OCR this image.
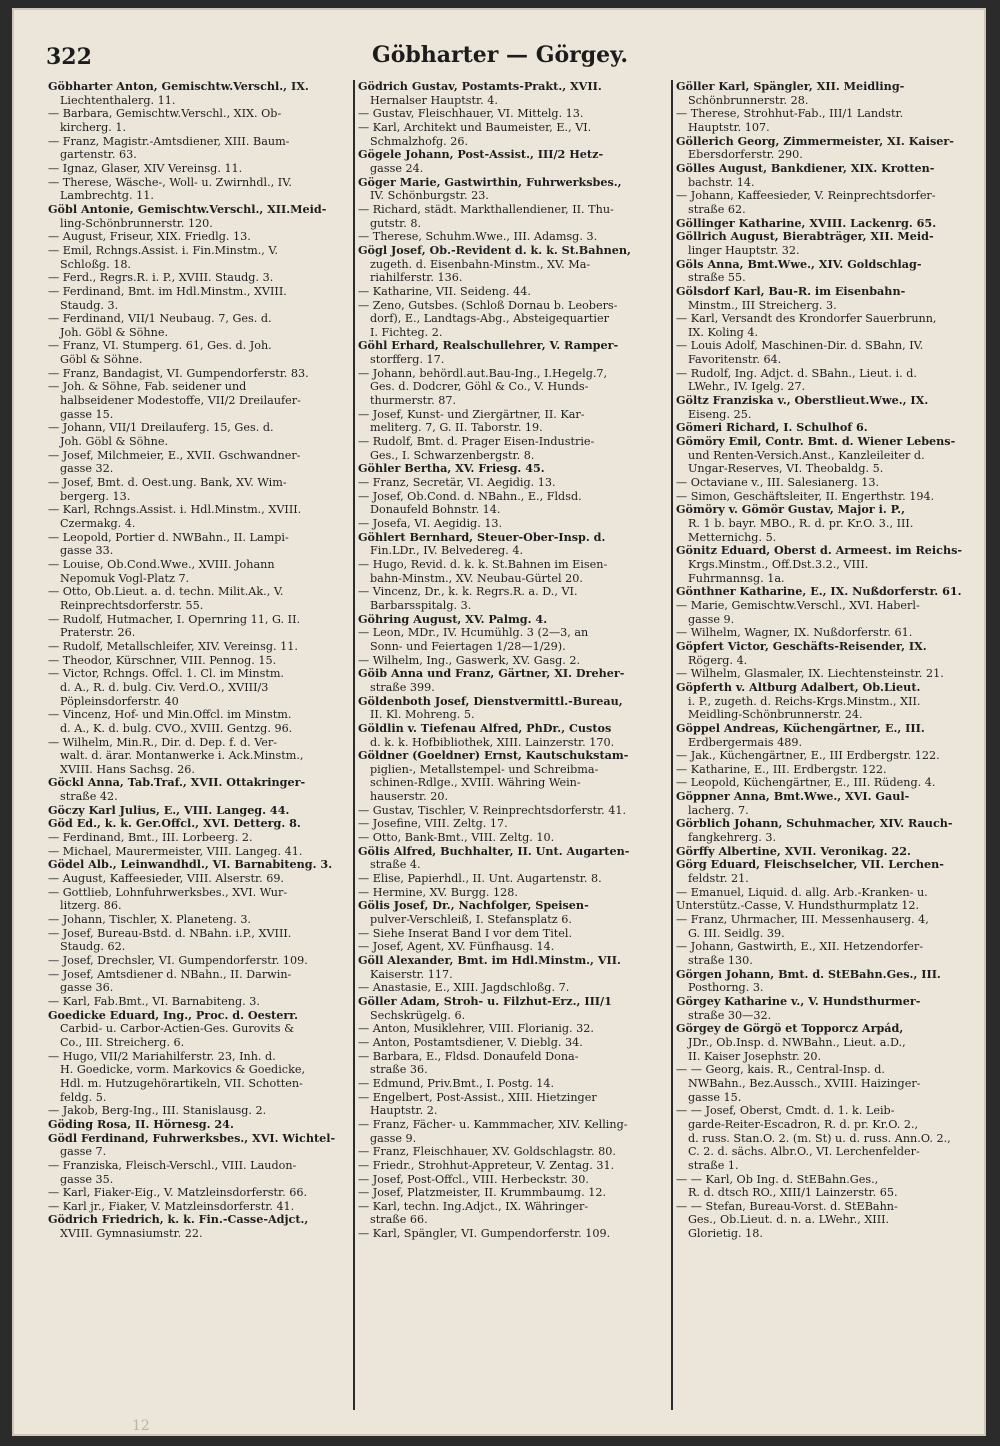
322	Göbharter — Görgey.
Göbharter Anton, Gemischtw.Verschl., IX.
Liechtenthalerg. 11.
— Barbara, Gemischtw.Verschl., XIX. Ob-
kircherg. 1.
— Franz, Magistr.-Amtsdiener, XIII. Baum-
gartenstr. 63.
— Ignaz, Glaser, XIV Vereinsg. 11.
— Therese, Wäsche-, Woll- u. Zwirnhdl., IV.
Lambrechtg. 11.
Göbl Antonie, Gemischtw.Verschl., XII.Meid-
ling-Schönbrunnerstr. 120.
— August, Friseur, XIX. Friedlg. 13.
— Emil, Rchngs.Assist. i. Fin.Minstm., V.
Schloßg. 18.
— Ferd., Regrs.R. i. P., XVIII. Staudg. 3.
— Ferdinand, Bmt. im Hdl.Minstm., XVIII.
Staudg. 3.
— Ferdinand, VII/1 Neubaug. 7, Ges. d.
Joh. Göbl & Söhne.
— Franz, VI. Stumperg. 61, Ges. d. Joh.
Göbl & Söhne.
— Franz, Bandagist, VI. Gumpendorferstr. 83.
— Joh. & Söhne, Fab. seidener und
halbseidener Modestoffe, VII/2 Dreilaufer-
gasse 15.
— Johann, VII/1 Dreilauferg. 15, Ges. d.
Joh. Göbl & Söhne.
— Josef, Milchmeier, E., XVII. Gschwandner-
gasse 32.
— Josef, Bmt. d. Oest.ung. Bank, XV. Wim-
bergerg. 13.
— Karl, Rchngs.Assist. i. Hdl.Minstm., XVIII.
Czermakg. 4.
— Leopold, Portier d. NWBahn., II. Lampi-
gasse 33.
— Louise, Ob.Cond.Wwe., XVIII. Johann
Nepomuk Vogl-Platz 7.
— Otto, Ob.Lieut. a. d. techn. Milit.Ak., V.
Reinprechtsdorferstr. 55.
— Rudolf, Hutmacher, I. Opernring 11, G. II.
Praterstr. 26.
— Rudolf, Metallschleifer, XIV. Vereinsg. 11.
— Theodor, Kürschner, VIII. Pennog. 15.
— Victor, Rchngs. Offcl. 1. Cl. im Minstm.
d. A., R. d. bulg. Civ. Verd.O., XVIII/3
Pöpleinsdorferstr. 40
— Vincenz, Hof- und Min.Offcl. im Minstm.
d. A., K. d. bulg. CVO., XVIII. Gentzg. 96.
— Wilhelm, Min.R., Dir. d. Dep. f. d. Ver-
walt. d. ärar. Montanwerke i. Ack.Minstm.,
XVIII. Hans Sachsg. 26.
Göckl Anna, Tab.Traf., XVII. Ottakringer-
straße 42.
Göczy Karl Julius, E., VIII. Langeg. 44.
Göd Ed., k. k. Ger.Offcl., XVI. Detterg. 8.
— Ferdinand, Bmt., III. Lorbeerg. 2.
— Michael, Maurermeister, VIII. Langeg. 41.
Gödel Alb., Leinwandhdl., VI. Barnabiteng. 3.
— August, Kaffeesieder, VIII. Alserstr. 69.
— Gottlieb, Lohnfuhrwerksbes., XVI. Wur-
litzerg. 86.
— Johann, Tischler, X. Planeteng. 3.
— Josef, Bureau-Bstd. d. NBahn. i.P., XVIII.
Staudg. 62.
— Josef, Drechsler, VI. Gumpendorferstr. 109.
— Josef, Amtsdiener d. NBahn., II. Darwin-
gasse 36.
— Karl, Fab.Bmt., VI. Barnabiteng. 3.
Goedicke Eduard, Ing., Proc. d. Oesterr.
Carbid- u. Carbor-Actien-Ges. Gurovits &
Co., III. Streicherg. 6.
— Hugo, VII/2 Mariahilferstr. 23, Inh. d.
H. Goedicke, vorm. Markovics & Goedicke,
Hdl. m. Hutzugehörartikeln, VII. Schotten-
feldg. 5.
— Jakob, Berg-Ing., III. Stanislausg. 2.
Göding Rosa, II. Hörnesg. 24.
Gödl Ferdinand, Fuhrwerksbes., XVI. Wichtel-
gasse 7.
— Franziska, Fleisch-Verschl., VIII. Laudon-
gasse 35.
— Karl, Fiaker-Eig., V. Matzleinsdorferstr. 66.
— Karl jr., Fiaker, V. Matzleinsdorferstr. 41.
Gödrich Friedrich, k. k. Fin.-Casse-Adjct.,
XVIII. Gymnasiumstr. 22.
Gödrich Gustav, Postamts-Prakt., XVII.
Hernalser Hauptstr. 4.
— Gustav, Fleischhauer, VI. Mittelg. 13.
— Karl, Architekt und Baumeister, E., VI.
Schmalzhofg. 26.
Gögele Johann, Post-Assist., III/2 Hetz-
gasse 24.
Göger Marie, Gastwirthin, Fuhrwerksbes.,
IV. Schönburgstr. 23.
— Richard, städt. Markthallendiener, II. Thu-
gutstr. 8.
— Therese, Schuhm.Wwe., III. Adamsg. 3.
Gögl Josef, Ob.-Revident d. k. k. St.Bahnen,
zugeth. d. Eisenbahn-Minstm., XV. Ma-
riahilferstr. 136.
— Katharine, VII. Seideng. 44.
— Zeno, Gutsbes. (Schloß Dornau b. Leobers-
dorf), E., Landtags-Abg., Absteigequartier
I. Fichteg. 2.
Göhl Erhard, Realschullehrer, V. Ramper-
storfferg. 17.
— Johann, behördl.aut.Bau-Ing., I.Hegelg.7,
Ges. d. Dodcrer, Göhl & Co., V. Hunds-
thurmerstr. 87.
— Josef, Kunst- und Ziergärtner, II. Kar-
meliterg. 7, G. II. Taborstr. 19.
— Rudolf, Bmt. d. Prager Eisen-Industrie-
Ges., I. Schwarzenbergstr. 8.
Göhler Bertha, XV. Friesg. 45.
— Franz, Secretär, VI. Aegidig. 13.
— Josef, Ob.Cond. d. NBahn., E., Fldsd.
Donaufeld Bohnstr. 14.
— Josefa, VI. Aegidig. 13.
Göhlert Bernhard, Steuer-Ober-Insp. d.
Fin.LDr., IV. Belvedereg. 4.
— Hugo, Revid. d. k. k. St.Bahnen im Eisen-
bahn-Minstm., XV. Neubau-Gürtel 20.
— Vincenz, Dr., k. k. Regrs.R. a. D., VI.
Barbarsspitalg. 3.
Göhring August, XV. Palmg. 4.
— Leon, MDr., IV. Hcumühlg. 3 (2—3, an
Sonn- und Feiertagen 1/28—1/29).
— Wilhelm, Ing., Gaswerk, XV. Gasg. 2.
Göib Anna und Franz, Gärtner, XI. Dreher-
straße 399.
Göldenboth Josef, Dienstvermittl.-Bureau,
II. Kl. Mohreng. 5.
Göldlin v. Tiefenau Alfred, PhDr., Custos
d. k. k. Hofbibliothek, XIII. Lainzerstr. 170.
Göldner (Goeldner) Ernst, Kautschukstam-
piglien-, Metallstempel- und Schreibma-
schinen-Rdlge., XVIII. Währing Wein-
hauserstr. 20.
— Gustav, Tischler, V. Reinprechtsdorferstr. 41.
— Josefine, VIII. Zeltg. 17.
— Otto, Bank-Bmt., VIII. Zeltg. 10.
Gölis Alfred, Buchhalter, II. Unt. Augarten-
straße 4.
— Elise, Papierhdl., II. Unt. Augartenstr. 8.
— Hermine, XV. Burgg. 128.
Gölis Josef, Dr., Nachfolger, Speisen-
pulver-Verschleiß, I. Stefansplatz 6.
— Siehe Inserat Band I vor dem Titel.
— Josef, Agent, XV. Fünfhausg. 14.
Göll Alexander, Bmt. im Hdl.Minstm., VII.
Kaiserstr. 117.
— Anastasie, E., XIII. Jagdschloßg. 7.
Göller Adam, Stroh- u. Filzhut-Erz., III/1
Sechskrügelg. 6.
— Anton, Musiklehrer, VIII. Florianig. 32.
— Anton, Postamtsdiener, V. Dieblg. 34.
— Barbara, E., Fldsd. Donaufeld Dona-
straße 36.
— Edmund, Priv.Bmt., I. Postg. 14.
— Engelbert, Post-Assist., XIII. Hietzinger
Hauptstr. 2.
— Franz, Fächer- u. Kammmacher, XIV. Kelling-
gasse 9.
— Franz, Fleischhauer, XV. Goldschlagstr. 80.
— Friedr., Strohhut-Appreteur, V. Zentag. 31.
— Josef, Post-Offcl., VIII. Herbeckstr. 30.
— Josef, Platzmeister, II. Krummbaumg. 12.
— Karl, techn. Ing.Adjct., IX. Währinger-
straße 66.
— Karl, Spängler, VI. Gumpendorferstr. 109.
Göller Karl, Spängler, XII. Meidling-
Schönbrunnerstr. 28.
— Therese, Strohhut-Fab., III/1 Landstr.
Hauptstr. 107.
Göllerich Georg, Zimmermeister, XI. Kaiser-
Ebersdorferstr. 290.
Gölles August, Bankdiener, XIX. Krotten-
bachstr. 14.
— Johann, Kaffeesieder, V. Reinprechtsdorfer-
straße 62.
Göllinger Katharine, XVIII. Lackenrg. 65.
Göllrich August, Bierabträger, XII. Meid-
linger Hauptstr. 32.
Göls Anna, Bmt.Wwe., XIV. Goldschlag-
straße 55.
Gölsdorf Karl, Bau-R. im Eisenbahn-
Minstm., III Streicherg. 3.
— Karl, Versandt des Krondorfer Sauerbrunn,
IX. Koling 4.
— Louis Adolf, Maschinen-Dir. d. SBahn, IV.
Favoritenstr. 64.
— Rudolf, Ing. Adjct. d. SBahn., Lieut. i. d.
LWehr., IV. Igelg. 27.
Göltz Franziska v., Oberstlieut.Wwe., IX.
Eiseng. 25.
Gömeri Richard, I. Schulhof 6.
Gömöry Emil, Contr. Bmt. d. Wiener Lebens-
und Renten-Versich.Anst., Kanzleileiter d.
Ungar-Reserves, VI. Theobaldg. 5.
— Octaviane v., III. Salesianerg. 13.
— Simon, Geschäftsleiter, II. Engerthstr. 194.
Gömöry v. Gömör Gustav, Major i. P.,
R. 1 b. bayr. MBO., R. d. pr. Kr.O. 3., III.
Metternichg. 5.
Gönitz Eduard, Oberst d. Armeest. im Reichs-
Krgs.Minstm., Off.Dst.3.2., VIII.
Fuhrmannsg. 1a.
Gönthner Katharine, E., IX. Nußdorferstr. 61.
— Marie, Gemischtw.Verschl., XVI. Haberl-
gasse 9.
— Wilhelm, Wagner, IX. Nußdorferstr. 61.
Göpfert Victor, Geschäfts-Reisender, IX.
Rögerg. 4.
— Wilhelm, Glasmaler, IX. Liechtensteinstr. 21.
Göpferth v. Altburg Adalbert, Ob.Lieut.
i. P., zugeth. d. Reichs-Krgs.Minstm., XII.
Meidling-Schönbrunnerstr. 24.
Göppel Andreas, Küchengärtner, E., III.
Erdbergermais 489.
— Jak., Küchengärtner, E., III Erdbergstr. 122.
— Katharine, E., III. Erdbergstr. 122.
— Leopold, Küchengärtner, E., III. Rüdeng. 4.
Göppner Anna, Bmt.Wwe., XVI. Gaul-
lacherg. 7.
Görblich Johann, Schuhmacher, XIV. Rauch-
fangkehrerg. 3.
Görffy Albertine, XVII. Veronikag. 22.
Görg Eduard, Fleischselcher, VII. Lerchen-
feldstr. 21.
— Emanuel, Liquid. d. allg. Arb.-Kranken- u.
Unterstütz.-Casse, V. Hundsthurmplatz 12.
— Franz, Uhrmacher, III. Messenhauserg. 4,
G. III. Seidlg. 39.
— Johann, Gastwirth, E., XII. Hetzendorfer-
straße 130.
Görgen Johann, Bmt. d. StEBahn.Ges., III.
Posthorng. 3.
Görgey Katharine v., V. Hundsthurmer-
straße 30—32.
Görgey de Görgö et Topporcz Arpád,
JDr., Ob.Insp. d. NWBahn., Lieut. a.D.,
II. Kaiser Josephstr. 20.
— — Georg, kais. R., Central-Insp. d.
NWBahn., Bez.Aussch., XVIII. Haizinger-
gasse 15.
— — Josef, Oberst, Cmdt. d. 1. k. Leib-
garde-Reiter-Escadron, R. d. pr. Kr.O. 2.,
d. russ. Stan.O. 2. (m. St) u. d. russ. Ann.O. 2.,
C. 2. d. sächs. Albr.O., VI. Lerchenfelder-
straße 1.
— — Karl, Ob Ing. d. StEBahn.Ges.,
R. d. dtsch RO., XIII/1 Lainzerstr. 65.
— — Stefan, Bureau-Vorst. d. StEBahn-
Ges., Ob.Lieut. d. n. a. LWehr., XIII.
Glorietig. 18.
12
